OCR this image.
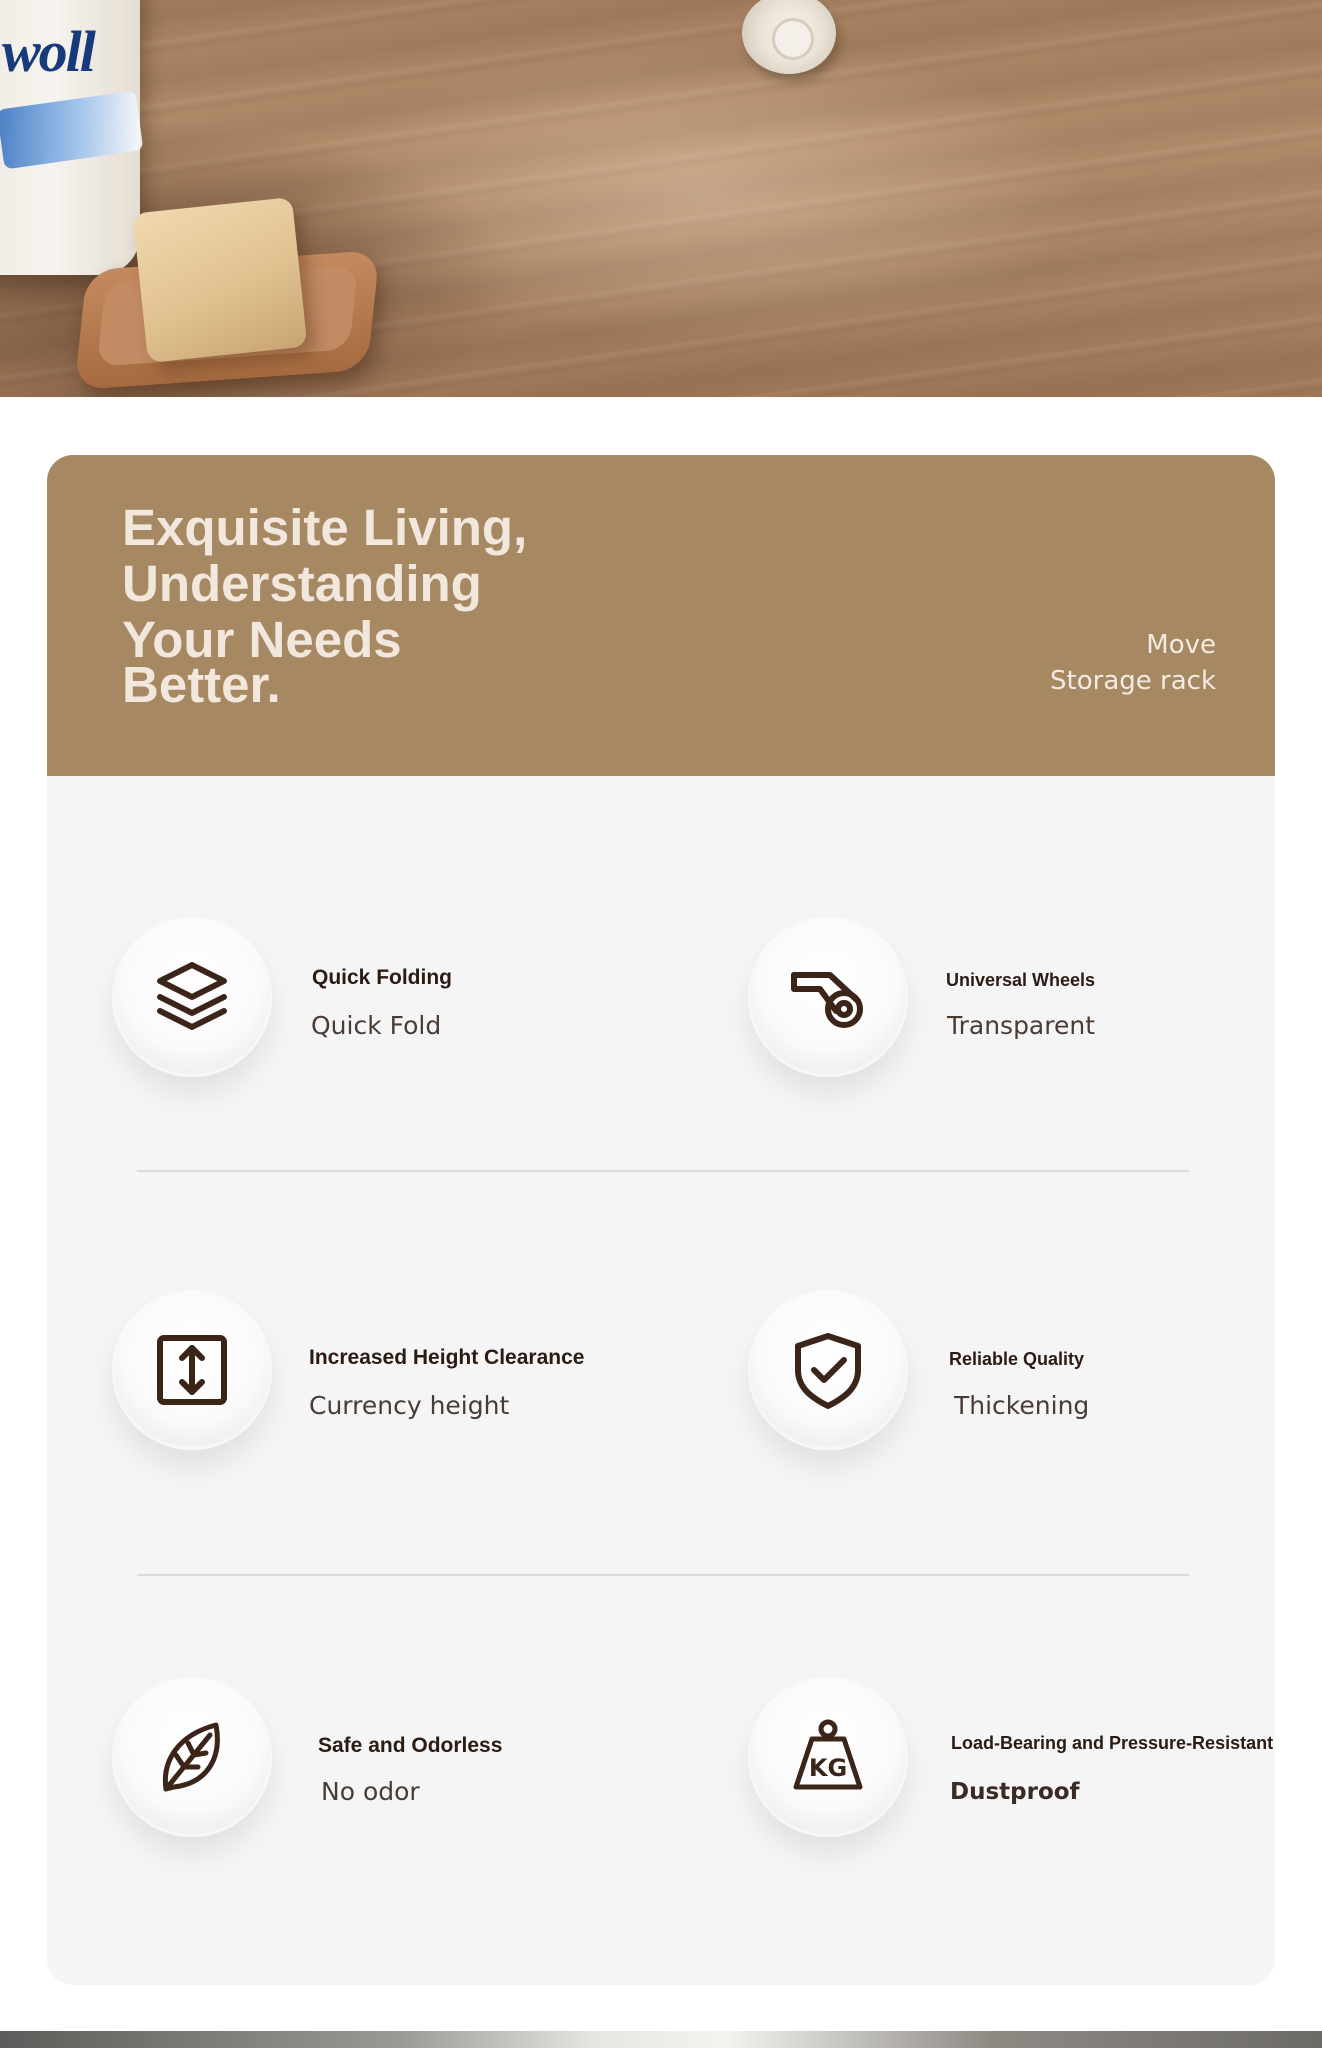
woll
Exquisite Living,
Understanding
Your Needs
Better.
Move
Storage rack
Quick Folding
Quick Fold
Universal Wheels
Transparent
Increased Height Clearance
Currency height
Reliable Quality
Thickening
Safe and Odorless
No odor
KG
Load-Bearing and Pressure-Resistant
Dustproof
